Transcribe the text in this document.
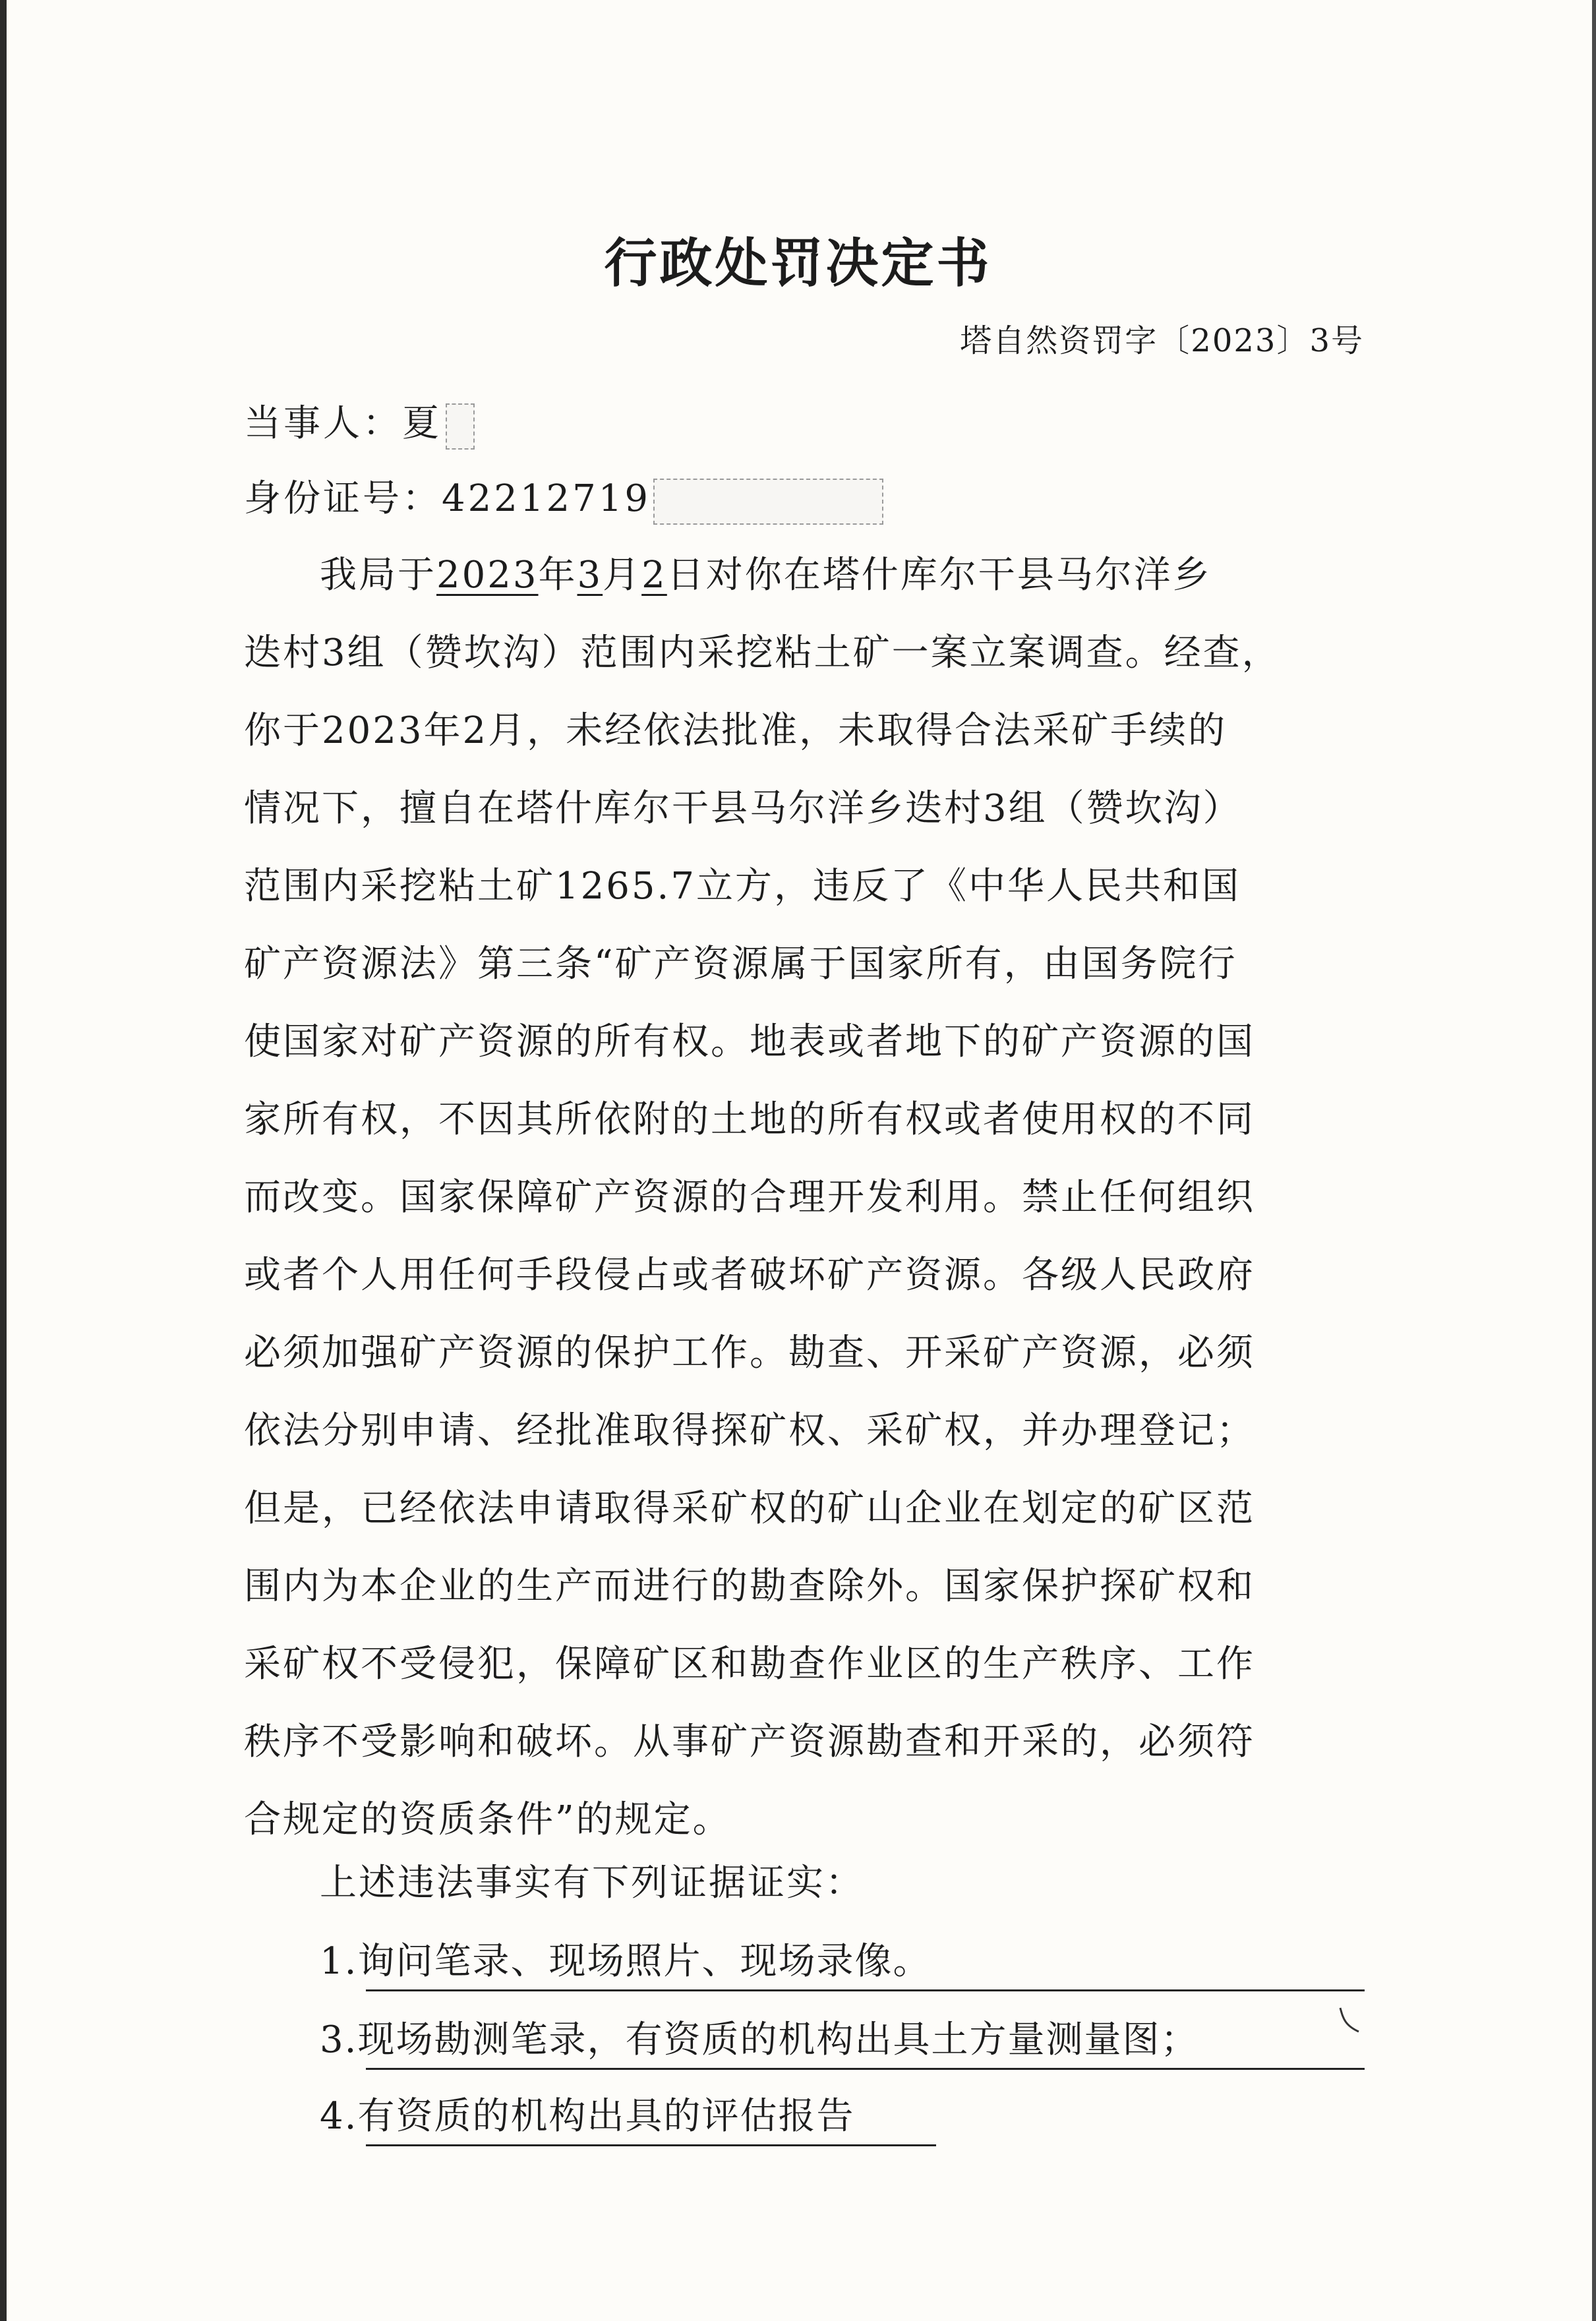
行政处罚决定书
塔自然资罚字〔2023〕3号
当事人：夏
身份证号：42212719
我局于2023年3月2日对你在塔什库尔干县马尔洋乡
迭村3组（赞坎沟）范围内采挖粘土矿一案立案调查。经查，
你于2023年2月，未经依法批准，未取得合法采矿手续的
情况下，擅自在塔什库尔干县马尔洋乡迭村3组（赞坎沟）
范围内采挖粘土矿1265.7立方，违反了《中华人民共和国
矿产资源法》第三条“矿产资源属于国家所有，由国务院行
使国家对矿产资源的所有权。地表或者地下的矿产资源的国
家所有权，不因其所依附的土地的所有权或者使用权的不同
而改变。国家保障矿产资源的合理开发利用。禁止任何组织
或者个人用任何手段侵占或者破坏矿产资源。各级人民政府
必须加强矿产资源的保护工作。勘查、开采矿产资源，必须
依法分别申请、经批准取得探矿权、采矿权，并办理登记；
但是，已经依法申请取得采矿权的矿山企业在划定的矿区范
围内为本企业的生产而进行的勘查除外。国家保护探矿权和
采矿权不受侵犯，保障矿区和勘查作业区的生产秩序、工作
秩序不受影响和破坏。从事矿产资源勘查和开采的，必须符
合规定的资质条件”的规定。
上述违法事实有下列证据证实：
1.询问笔录、现场照片、现场录像。
3.现场勘测笔录，有资质的机构出具土方量测量图；
4.有资质的机构出具的评估报告
